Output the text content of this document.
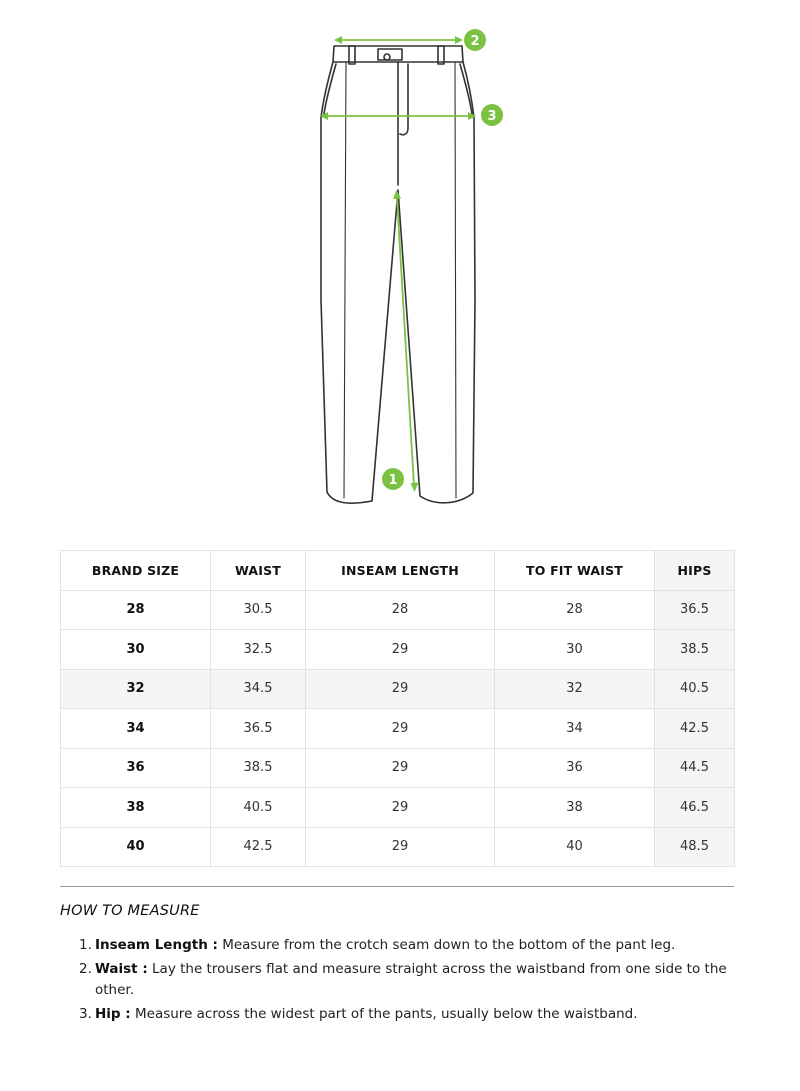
2
3
1
BRAND SIZE	WAIST	INSEAM LENGTH	TO FIT WAIST	HIPS
28	30.5	28	28	36.5
30	32.5	29	30	38.5
32	34.5	29	32	40.5
34	36.5	29	34	42.5
36	38.5	29	36	44.5
38	40.5	29	38	46.5
40	42.5	29	40	48.5
HOW TO MEASURE
1. Inseam Length : Measure from the crotch seam down to the bottom of the pant leg.
2. Waist : Lay the trousers flat and measure straight across the waistband from one side to the other.
3. Hip : Measure across the widest part of the pants, usually below the waistband.
